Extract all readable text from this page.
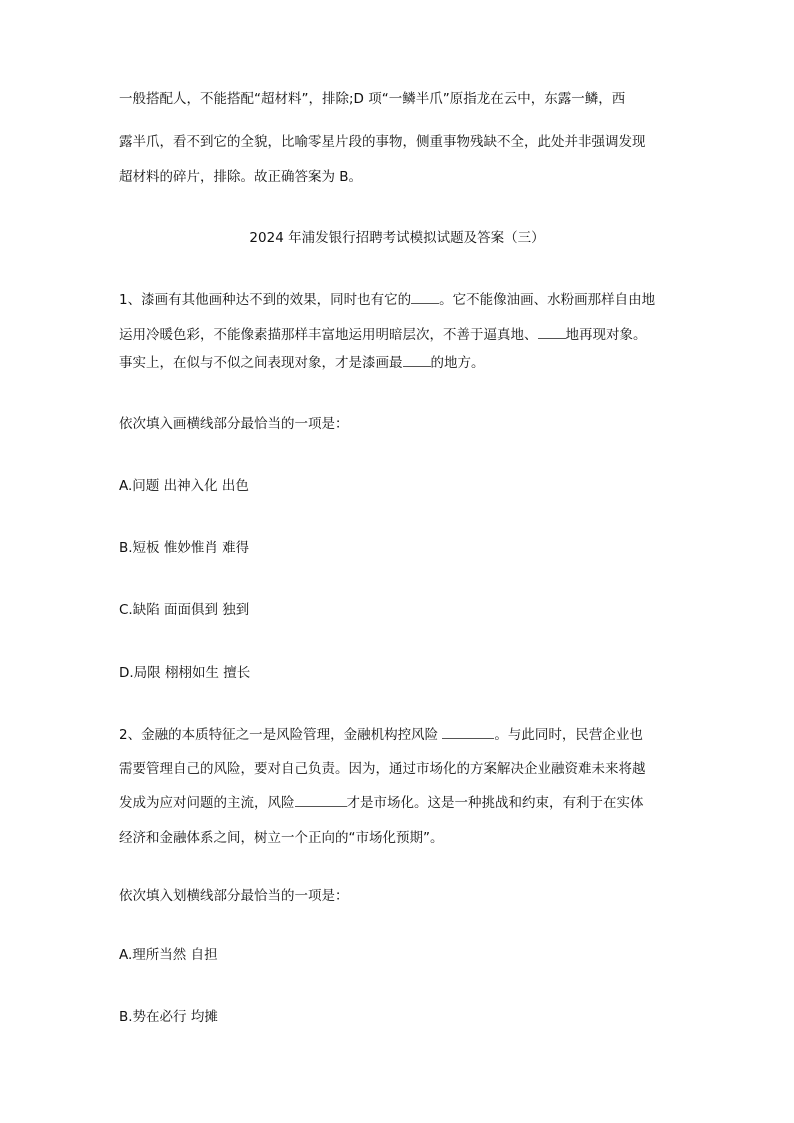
一般搭配人，不能搭配“超材料”，排除;D 项“一鳞半爪”原指龙在云中，东露一鳞，西
露半爪，看不到它的全貌，比喻零星片段的事物，侧重事物残缺不全，此处并非强调发现
超材料的碎片，排除。故正确答案为 B。
2024 年浦发银行招聘考试模拟试题及答案（三）
1、漆画有其他画种达不到的效果，同时也有它的 。它不能像油画、水粉画那样自由地
运用冷暖色彩，不能像素描那样丰富地运用明暗层次，不善于逼真地、 地再现对象。
事实上，在似与不似之间表现对象，才是漆画最 的地方。
依次填入画横线部分最恰当的一项是：
A.问题 出神入化 出色
B.短板 惟妙惟肖 难得
C.缺陷 面面俱到 独到
D.局限 栩栩如生 擅长
2、金融的本质特征之一是风险管理，金融机构控风险	。与此同时，民营企业也
需要管理自己的风险，要对自己负责。因为，通过市场化的方案解决企业融资难未来将越
发成为应对问题的主流，风险	才是市场化。这是一种挑战和约束，有利于在实体
经济和金融体系之间，树立一个正向的“市场化预期”。
依次填入划横线部分最恰当的一项是：
A.理所当然 自担
B.势在必行 均摊
